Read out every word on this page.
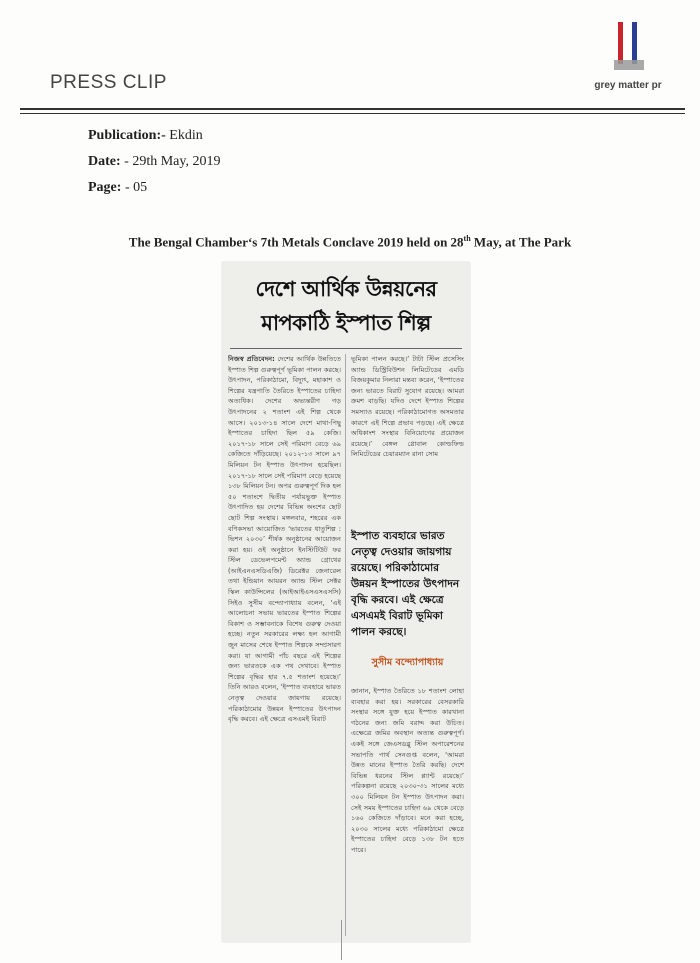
PRESS CLIP	grey matter pr
Publication:- Ekdin
Date: - 29th May, 2019
Page: - 05
The Bengal Chamber‘s 7th Metals Conclave 2019 held on 28th May, at The Park
দেশে আর্থিক উন্নয়নের
মাপকাঠি ইস্পাত শিল্প
নিজস্ব প্রতিবেদন: দেশের আর্থিক উন্নতিতে ইস্পাত শিল্প গুরুত্বপূর্ণ ভূমিকা পালন করছে। উৎপাদন, পরিকাঠামো, বিদ্যুৎ, মহাকাশ ও শিল্পের যন্ত্রপাতি তৈরিতে ইস্পাতের চাহিদা অত্যধিক। দেশের অভ্যন্তরীণ গড় উৎপাদনের ২ শতাংশ এই শিল্প থেকে আসে। ২০১৩-১৪ সালে দেশে মাথা-পিছু ইস্পাতের চাহিদা ছিল ৫৯ কেজি। ২০১৭-১৮ সালে সেই পরিমাণ বেড়ে ৬৯ কেজিতে দাঁড়িয়েছে। ২০১২-১৩ সালে ৯৭ মিলিয়ন টন ইস্পাত উৎপাদন হয়েছিল। ২০১৭-১৮ সালে সেই পরিমাণ বেড়ে হয়েছে ১৩৮ মিলিয়ন টন। অপর গুরুত্বপূর্ণ দিক হল ৫০ শতাংশে দ্বিতীয় পর্যায়ভুক্ত ইস্পাত উৎপাদিত হয় দেশের বিভিন্ন অংশের ছোট ছোট শিল্প সংস্থায়। মঙ্গলবার, শহরের এক বণিকসভা আয়োজিত ‘ভারতের ধাতুশিল্প : ভিশন ২০৩০’ শীর্ষক অনুষ্ঠানের আয়োজন করা হয়। ওই অনুষ্ঠানে ইনস্টিটিউট ফর স্টিল ডেভেলপমেন্ট অ্যান্ড গ্রোথের (আইএনএসডিএজি) ডিরেক্টর জেনারেল তথা ইন্ডিয়ান আয়রন অ্যান্ড স্টিল সেক্টর স্কিল কাউন্সিলের (আইআইএসএসএসসি) সিইও সুসীম বন্দ্যোপাধ্যায় বলেন, ‘এই আলোচনা সভায় ভারতের ইস্পাত শিল্পের বিকাশ ও সম্ভাবনাকে বিশেষ গুরুত্ব দেওয়া হচ্ছে। নতুন সরকারের লক্ষ্য হল আগামী জুন মাসের শেষে ইস্পাত শিল্পকে সম্প্রসারণ করা। যা আগামী পাঁচ বছরে এই শিল্পের জন্য ভারতকে এক পথ দেখাবে। ইস্পাত শিল্পের বৃদ্ধির হার ৭.৫ শতাংশ হয়েছে।’ তিনি আরও বলেন, ‘ইস্পাত ব্যবহারে ভারত নেতৃত্ব দেওয়ার জায়গায় রয়েছে। পরিকাঠামোর উন্নয়ন ইস্পাতের উৎপাদন বৃদ্ধি করবে। এই ক্ষেত্রে এসএমই বিরাট
ভূমিকা পালন করছে।’ টাটা স্টিল প্রসেসিং অ্যান্ড ডিস্ট্রিবিউশন লিমিটেডের এমডি বিজয়কুমার নিলারা মন্তব্য করেন, ‘ইস্পাতের জন্য ভারতে বিরাট সুযোগ রয়েছে। আমরা ক্রমশ বাড়ছি। যদিও দেশে ইস্পাত শিল্পের সমস্যাও রয়েছে। পরিকাঠামোগত অসমতার কারণে এই শিল্পে প্রভাব পড়ছে। এই ক্ষেত্রে অধিকাংশ সংস্থার বিনিয়োগের প্রয়োজন রয়েছে।’ বেঙ্গল গ্লোবাল কোল্ডফিল্ড লিমিটেডের চেয়ারম্যান রানা সোম
ইস্পাত ব্যবহারে ভারত নেতৃত্ব দেওয়ার জায়গায় রয়েছে। পরিকাঠামোর উন্নয়ন ইস্পাতের উৎপাদন বৃদ্ধি করবে। এই ক্ষেত্রে এসএমই বিরাট ভূমিকা পালন করছে।
সুসীম বন্দ্যোপাধ্যায়
জানান, ইস্পাত তৈরিতে ১৮ শতাংশ লোহা ব্যবহার করা হয়। সরকারের বেসরকারি সংস্থার সঙ্গে যুক্ত হয়ে ইস্পাত কারখানা গঠনের জন্য জমি বরাদ্দ করা উচিত। এক্ষেত্রে জমির অবস্থান অত্যন্ত গুরুত্বপূর্ণ। একই সঙ্গে জেএসডব্লু স্টিল অপারেশনের সভাপতি পার্থ সেনগুপ্ত বলেন, ‘আমরা উন্নত মানের ইস্পাত তৈরি করছি। দেশে বিভিন্ন ধরনের স্টিল প্ল্যান্ট রয়েছে।’ পরিকল্পনা রয়েছে ২০৩০-৩১ সালের মধ্যে ৩০০ মিলিয়ন টন ইস্পাত উৎপাদন করা। সেই সময় ইস্পাতের চাহিদা ৬৯ থেকে বেড়ে ১৬০ কেজিতে দাঁড়াবে। মনে করা হচ্ছে, ২০৩০ সালের মধ্যে পরিকাঠামো ক্ষেত্রে ইস্পাতের চাহিদা বেড়ে ১৩৮ টন হতে পারে।
